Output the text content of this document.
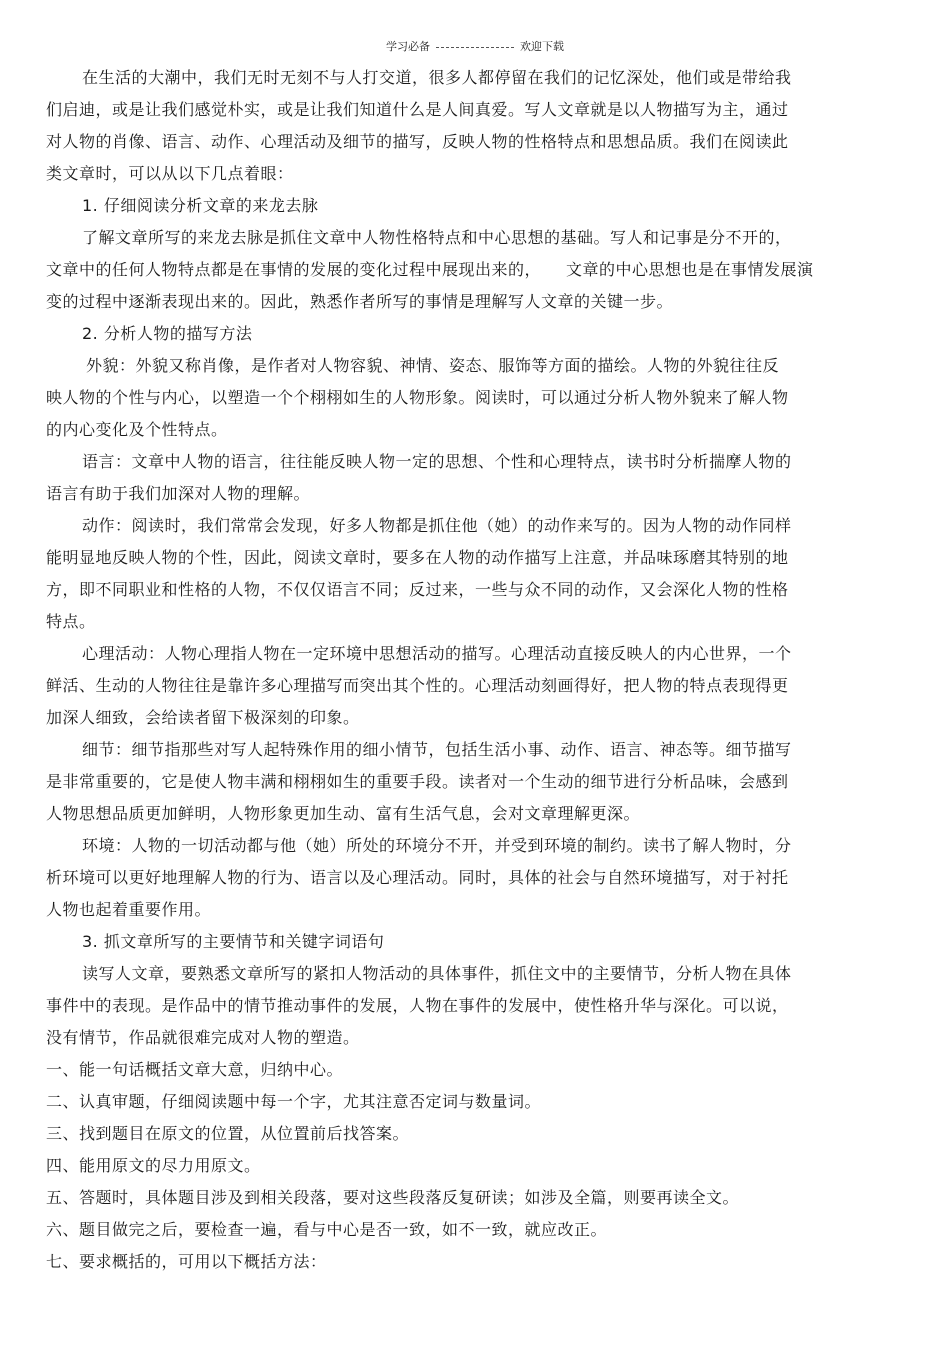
学习必备	欢迎下载
在生活的大潮中，我们无时无刻不与人打交道，很多人都停留在我们的记忆深处，他们或是带给我
们启迪，或是让我们感觉朴实，或是让我们知道什么是人间真爱。写人文章就是以人物描写为主，通过
对人物的肖像、语言、动作、心理活动及细节的描写，反映人物的性格特点和思想品质。我们在阅读此
类文章时，可以从以下几点着眼：
1. 仔细阅读分析文章的来龙去脉
了解文章所写的来龙去脉是抓住文章中人物性格特点和中心思想的基础。写人和记事是分不开的，
文章中的任何人物特点都是在事情的发展的变化过程中展现出来的，　　文章的中心思想也是在事情发展演
变的过程中逐渐表现出来的。因此，熟悉作者所写的事情是理解写人文章的关键一步。
2. 分析人物的描写方法
外貌：外貌又称肖像，是作者对人物容貌、神情、姿态、服饰等方面的描绘。人物的外貌往往反
映人物的个性与内心，以塑造一个个栩栩如生的人物形象。阅读时，可以通过分析人物外貌来了解人物
的内心变化及个性特点。
语言：文章中人物的语言，往往能反映人物一定的思想、个性和心理特点，读书时分析揣摩人物的
语言有助于我们加深对人物的理解。
动作：阅读时，我们常常会发现，好多人物都是抓住他（她）的动作来写的。因为人物的动作同样
能明显地反映人物的个性，因此，阅读文章时，要多在人物的动作描写上注意，并品味琢磨其特别的地
方，即不同职业和性格的人物，不仅仅语言不同；反过来，一些与众不同的动作，又会深化人物的性格
特点。
心理活动：人物心理指人物在一定环境中思想活动的描写。心理活动直接反映人的内心世界，一个
鲜活、生动的人物往往是靠许多心理描写而突出其个性的。心理活动刻画得好，把人物的特点表现得更
加深人细致，会给读者留下极深刻的印象。
细节：细节指那些对写人起特殊作用的细小情节，包括生活小事、动作、语言、神态等。细节描写
是非常重要的，它是使人物丰满和栩栩如生的重要手段。读者对一个生动的细节进行分析品味，会感到
人物思想品质更加鲜明，人物形象更加生动、富有生活气息，会对文章理解更深。
环境：人物的一切活动都与他（她）所处的环境分不开，并受到环境的制约。读书了解人物时，分
析环境可以更好地理解人物的行为、语言以及心理活动。同时，具体的社会与自然环境描写，对于衬托
人物也起着重要作用。
3. 抓文章所写的主要情节和关键字词语句
读写人文章，要熟悉文章所写的紧扣人物活动的具体事件，抓住文中的主要情节，分析人物在具体
事件中的表现。是作品中的情节推动事件的发展，人物在事件的发展中，使性格升华与深化。可以说，
没有情节，作品就很难完成对人物的塑造。
一、能一句话概括文章大意，归纳中心。
二、认真审题，仔细阅读题中每一个字，尤其注意否定词与数量词。
三、找到题目在原文的位置，从位置前后找答案。
四、能用原文的尽力用原文。
五、答题时，具体题目涉及到相关段落，要对这些段落反复研读；如涉及全篇，则要再读全文。
六、题目做完之后，要检查一遍，看与中心是否一致，如不一致，就应改正。
七、要求概括的，可用以下概括方法：
